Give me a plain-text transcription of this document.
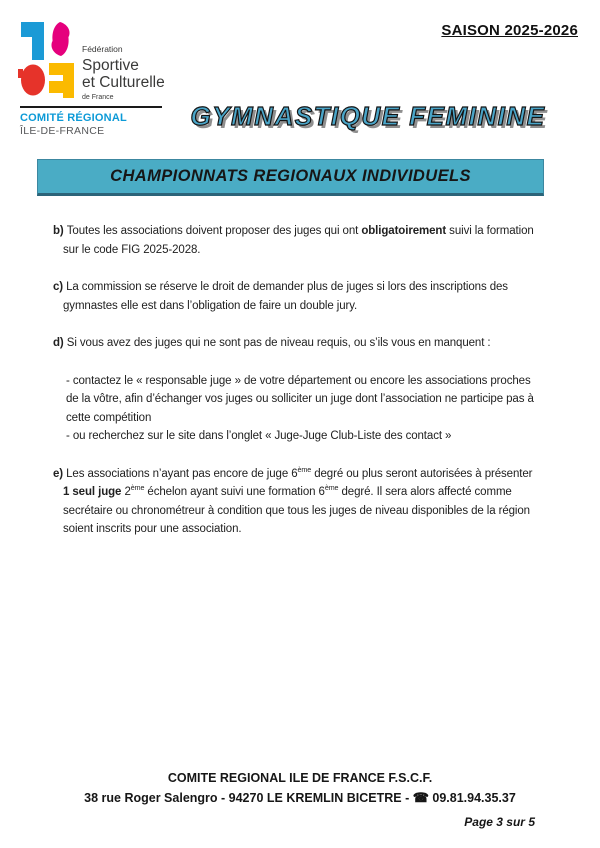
SAISON 2025-2026
Fédération
Sportive
et Culturelle
de France
COMITÉ RÉGIONAL
ÎLE-DE-FRANCE	GYMNASTIQUE FEMININE
CHAMPIONNATS REGIONAUX INDIVIDUELS
b) Toutes les associations doivent proposer des juges qui ont obligatoirement suivi la formation sur le code FIG 2025-2028.
c) La commission se réserve le droit de demander plus de juges si lors des inscriptions des gymnastes elle est dans l’obligation de faire un double jury.
d) Si vous avez des juges qui ne sont pas de niveau requis, ou s’ils vous en manquent :
- contactez le « responsable juge » de votre département ou encore les associations proches de la vôtre, afin d’échanger vos juges ou solliciter un juge dont l’association ne participe pas à cette compétition
- ou recherchez sur le site dans l’onglet « Juge-Juge Club-Liste des contact »
e) Les associations n’ayant pas encore de juge 6ème degré ou plus seront autorisées à présenter 1 seul juge 2ème échelon ayant suivi une formation 6ème degré. Il sera alors affecté comme secrétaire ou chronométreur à condition que tous les juges de niveau disponibles de la région soient inscrits pour une association.
COMITE REGIONAL ILE DE FRANCE F.S.C.F.
38 rue Roger Salengro - 94270 LE KREMLIN BICETRE - ☎ 09.81.94.35.37
Page 3 sur 5
